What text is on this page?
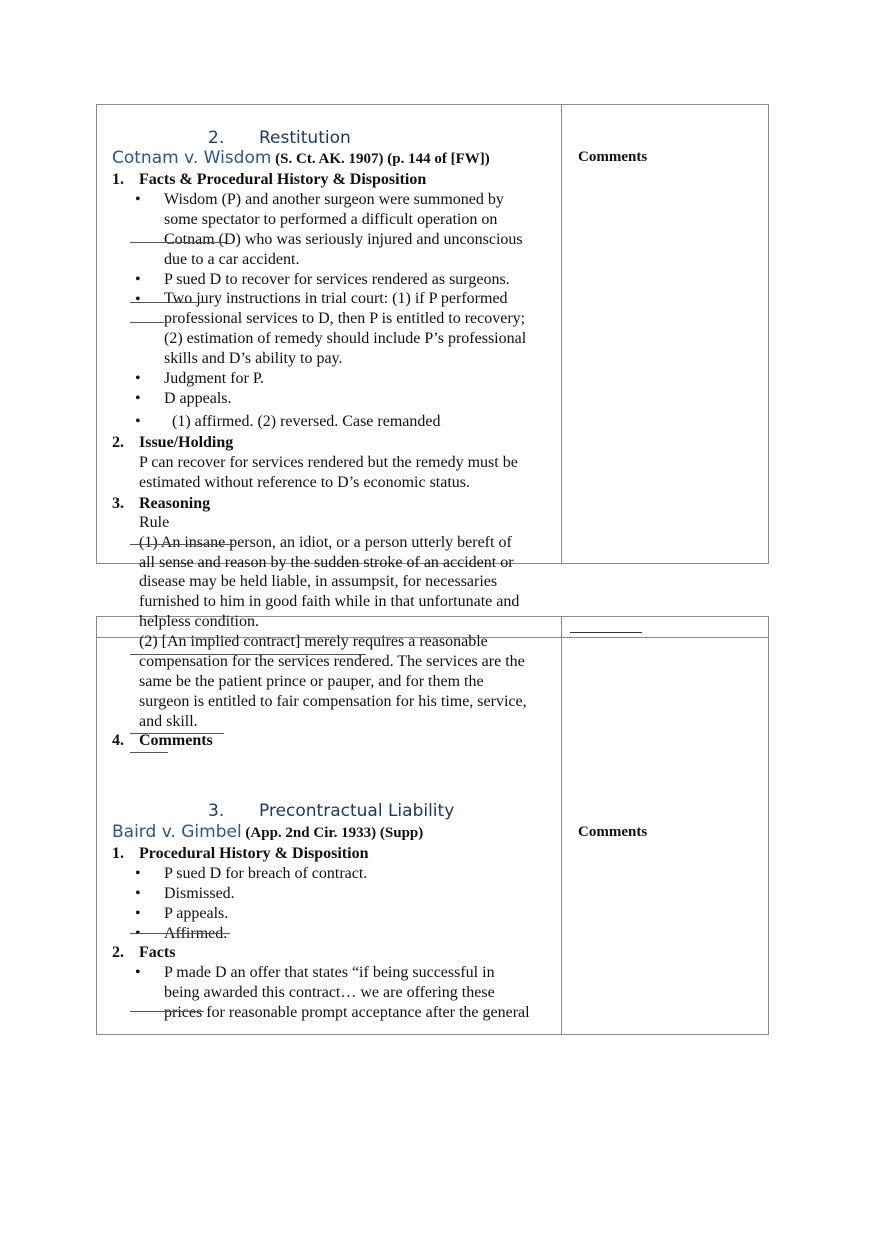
2. Restitution
Cotnam v. Wisdom (S. Ct. AK. 1907) (p. 144 of [FW])	Comments
1. Facts & Procedural History & Disposition
• Wisdom (P) and another surgeon were summoned by
some spectator to performed a difficult operation on
Cotnam (D) who was seriously injured and unconscious
due to a car accident.
• P sued D to recover for services rendered as surgeons.
• Two jury instructions in trial court: (1) if P performed
professional services to D, then P is entitled to recovery;
(2) estimation of remedy should include P’s professional
skills and D’s ability to pay.
• Judgment for P.
• D appeals.
• (1) affirmed. (2) reversed. Case remanded
2. Issue/Holding
P can recover for services rendered but the remedy must be
estimated without reference to D’s economic status.
3. Reasoning
Rule
(1) An insane person, an idiot, or a person utterly bereft of
all sense and reason by the sudden stroke of an accident or
disease may be held liable, in assumpsit, for necessaries
furnished to him in good faith while in that unfortunate and
helpless condition.
(2) [An implied contract] merely requires a reasonable
compensation for the services rendered. The services are the
same be the patient prince or pauper, and for them the
surgeon is entitled to fair compensation for his time, service,
and skill.
4. Comments
3. Precontractual Liability
Baird v. Gimbel (App. 2nd Cir. 1933) (Supp)	Comments
1. Procedural History & Disposition
• P sued D for breach of contract.
• Dismissed.
• P appeals.
• Affirmed.
2. Facts
• P made D an offer that states “if being successful in
being awarded this contract… we are offering these
prices for reasonable prompt acceptance after the general
